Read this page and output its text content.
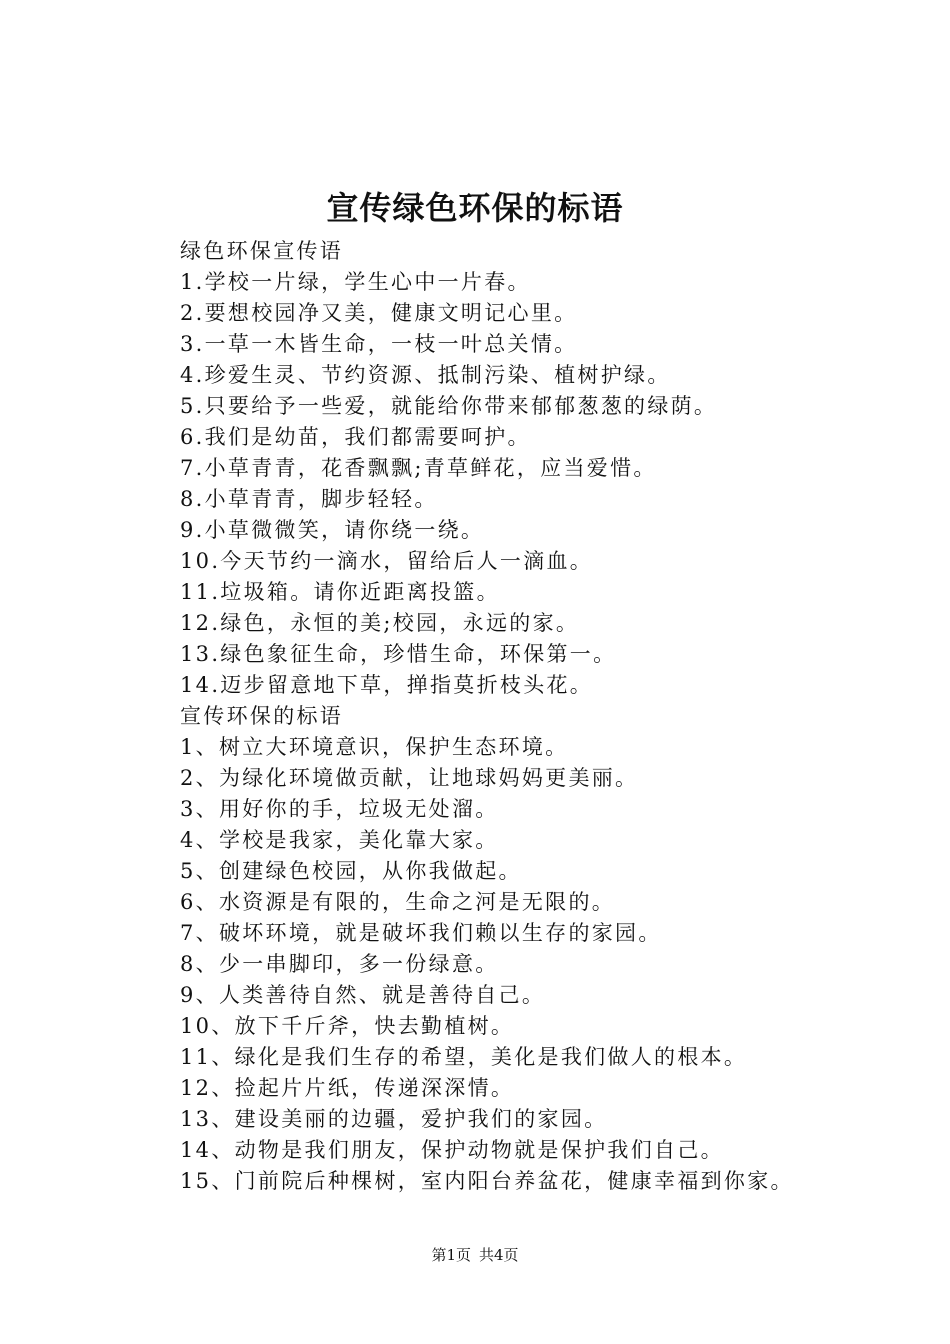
宣传绿色环保的标语
绿色环保宣传语
1.学校一片绿，学生心中一片春。
2.要想校园净又美，健康文明记心里。
3.一草一木皆生命，一枝一叶总关情。
4.珍爱生灵、节约资源、抵制污染、植树护绿。
5.只要给予一些爱，就能给你带来郁郁葱葱的绿荫。
6.我们是幼苗，我们都需要呵护。
7.小草青青，花香飘飘;青草鲜花，应当爱惜。
8.小草青青，脚步轻轻。
9.小草微微笑，请你绕一绕。
10.今天节约一滴水，留给后人一滴血。
11.垃圾箱。请你近距离投篮。
12.绿色，永恒的美;校园，永远的家。
13.绿色象征生命，珍惜生命，环保第一。
14.迈步留意地下草，掸指莫折枝头花。
宣传环保的标语
1、树立大环境意识，保护生态环境。
2、为绿化环境做贡献，让地球妈妈更美丽。
3、用好你的手，垃圾无处溜。
4、学校是我家，美化靠大家。
5、创建绿色校园，从你我做起。
6、水资源是有限的，生命之河是无限的。
7、破坏环境，就是破坏我们赖以生存的家园。
8、少一串脚印，多一份绿意。
9、人类善待自然、就是善待自己。
10、放下千斤斧，快去勤植树。
11、绿化是我们生存的希望，美化是我们做人的根本。
12、捡起片片纸，传递深深情。
13、建设美丽的边疆，爱护我们的家园。
14、动物是我们朋友，保护动物就是保护我们自己。
15、门前院后种棵树，室内阳台养盆花，健康幸福到你家。
第1页 共4页
